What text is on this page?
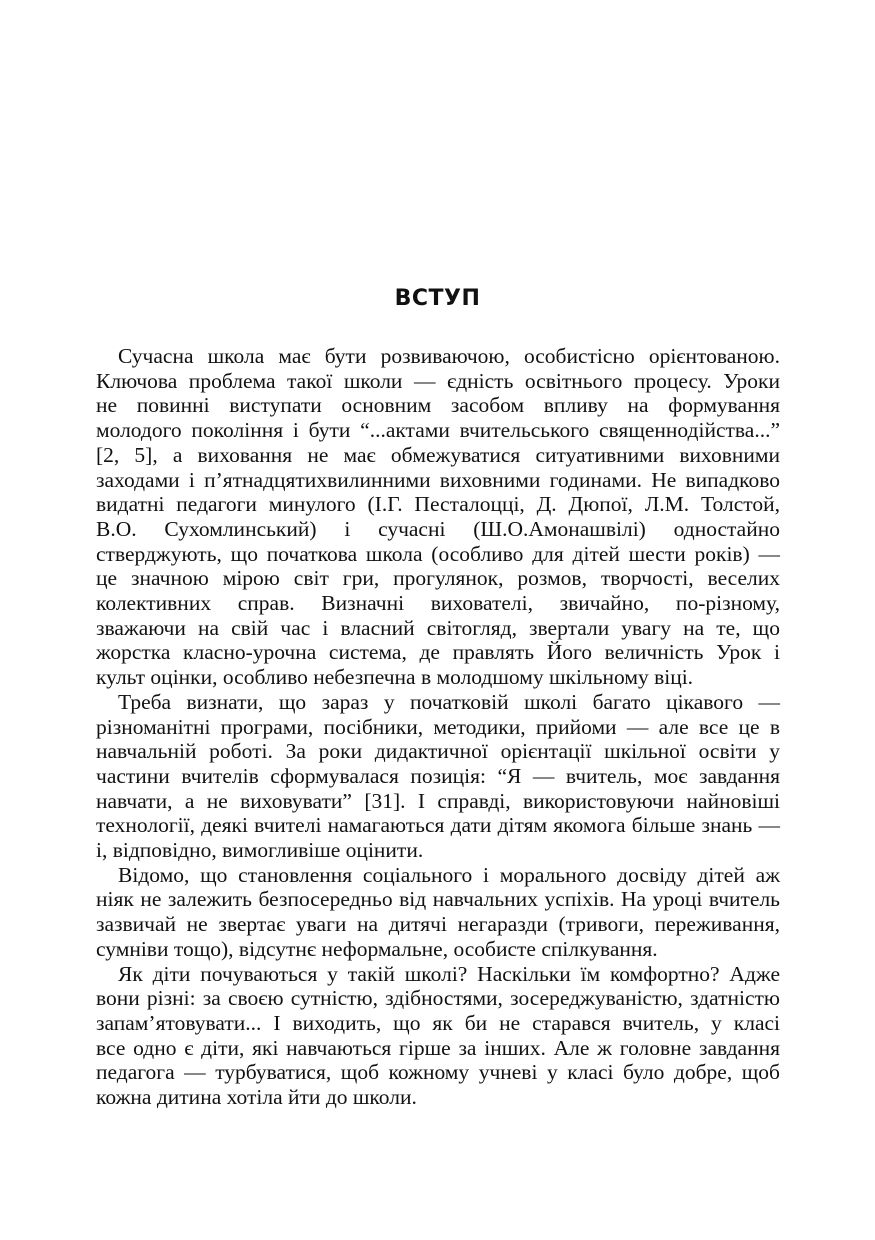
ВСТУП

Сучасна школа має бути розвиваючою, особистісно орієнтованою.
Ключова проблема такої школи — єдність освітнього процесу. Уроки
не повинні виступати основним засобом впливу на формування
молодого покоління і бути “...актами вчительського священнодійства...”
[2, 5], а виховання не має обмежуватися ситуативними виховними
заходами і п’ятнадцятихвилинними виховними годинами. Не випадково
видатні педагоги минулого (І.Г. Песталоцці, Д. Дюпої, Л.М. Толстой,
В.О. Сухомлинський) і сучасні (Ш.О.Амонашвілі) одностайно
стверджують, що початкова школа (особливо для дітей шести років) —
це значною мірою світ гри, прогулянок, розмов, творчості, веселих
колективних справ. Визначні вихователі, звичайно, по-різному,
зважаючи на свій час і власний світогляд, звертали увагу на те, що
жорстка класно-урочна система, де правлять Його величність Урок і
культ оцінки, особливо небезпечна в молодшому шкільному віці.

Треба визнати, що зараз у початковій школі багато цікавого —
різноманітні програми, посібники, методики, прийоми — але все це в
навчальній роботі. За роки дидактичної орієнтації шкільної освіти у
частини вчителів сформувалася позиція: “Я — вчитель, моє завдання
навчати, а не виховувати” [31]. І справді, використовуючи найновіші
технології, деякі вчителі намагаються дати дітям якомога більше знань —
і, відповідно, вимогливіше оцінити.

Відомо, що становлення соціального і морального досвіду дітей аж
ніяк не залежить безпосередньо від навчальних успіхів. На уроці вчитель
зазвичай не звертає уваги на дитячі негаразди (тривоги, переживання,
сумніви тощо), відсутнє неформальне, особисте спілкування.

Як діти почуваються у такій школі? Наскільки їм комфортно? Адже
вони різні: за своєю сутністю, здібностями, зосереджуваністю, здатністю
запам’ятовувати... І виходить, що як би не старався вчитель, у класі
все одно є діти, які навчаються гірше за інших. Але ж головне завдання
педагога — турбуватися, щоб кожному учневі у класі було добре, щоб
кожна дитина хотіла йти до школи.
